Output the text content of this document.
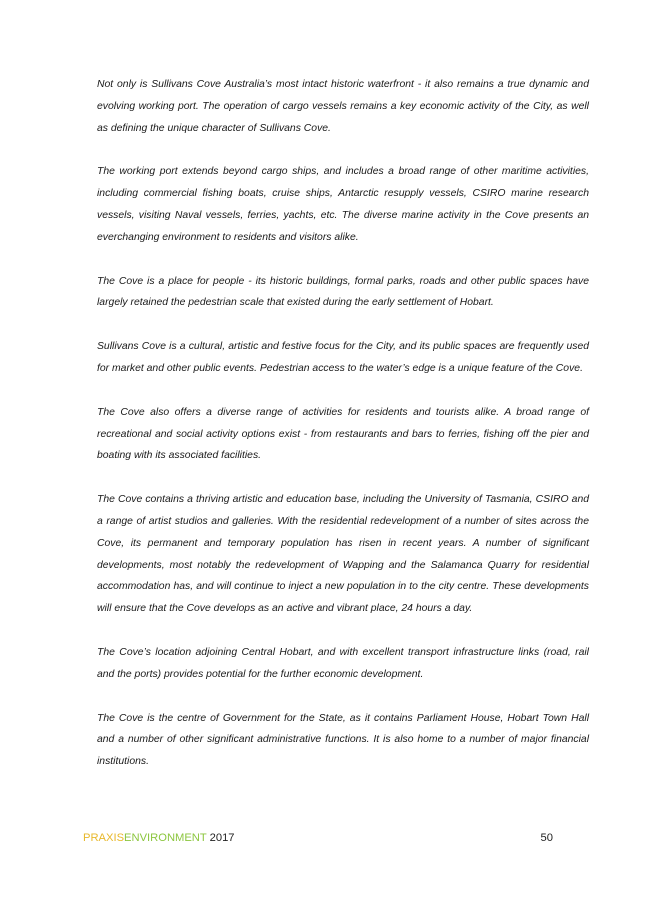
Not only is Sullivans Cove Australia’s most intact historic waterfront - it also remains a true dynamic and evolving working port. The operation of cargo vessels remains a key economic activity of the City, as well as defining the unique character of Sullivans Cove.

The working port extends beyond cargo ships, and includes a broad range of other maritime activities, including commercial fishing boats, cruise ships, Antarctic resupply vessels, CSIRO marine research vessels, visiting Naval vessels, ferries, yachts, etc. The diverse marine activity in the Cove presents an everchanging environment to residents and visitors alike.

The Cove is a place for people - its historic buildings, formal parks, roads and other public spaces have largely retained the pedestrian scale that existed during the early settlement of Hobart.

Sullivans Cove is a cultural, artistic and festive focus for the City, and its public spaces are frequently used for market and other public events. Pedestrian access to the water’s edge is a unique feature of the Cove.

The Cove also offers a diverse range of activities for residents and tourists alike. A broad range of recreational and social activity options exist - from restaurants and bars to ferries, fishing off the pier and boating with its associated facilities.

The Cove contains a thriving artistic and education base, including the University of Tasmania, CSIRO and a range of artist studios and galleries. With the residential redevelopment of a number of sites across the Cove, its permanent and temporary population has risen in recent years. A number of significant developments, most notably the redevelopment of Wapping and the Salamanca Quarry for residential accommodation has, and will continue to inject a new population in to the city centre. These developments will ensure that the Cove develops as an active and vibrant place, 24 hours a day.

The Cove’s location adjoining Central Hobart, and with excellent transport infrastructure links (road, rail and the ports) provides potential for the further economic development.

The Cove is the centre of Government for the State, as it contains Parliament House, Hobart Town Hall and a number of other significant administrative functions. It is also home to a number of major financial institutions.

PRAXISENVIRONMENT 2017	50
